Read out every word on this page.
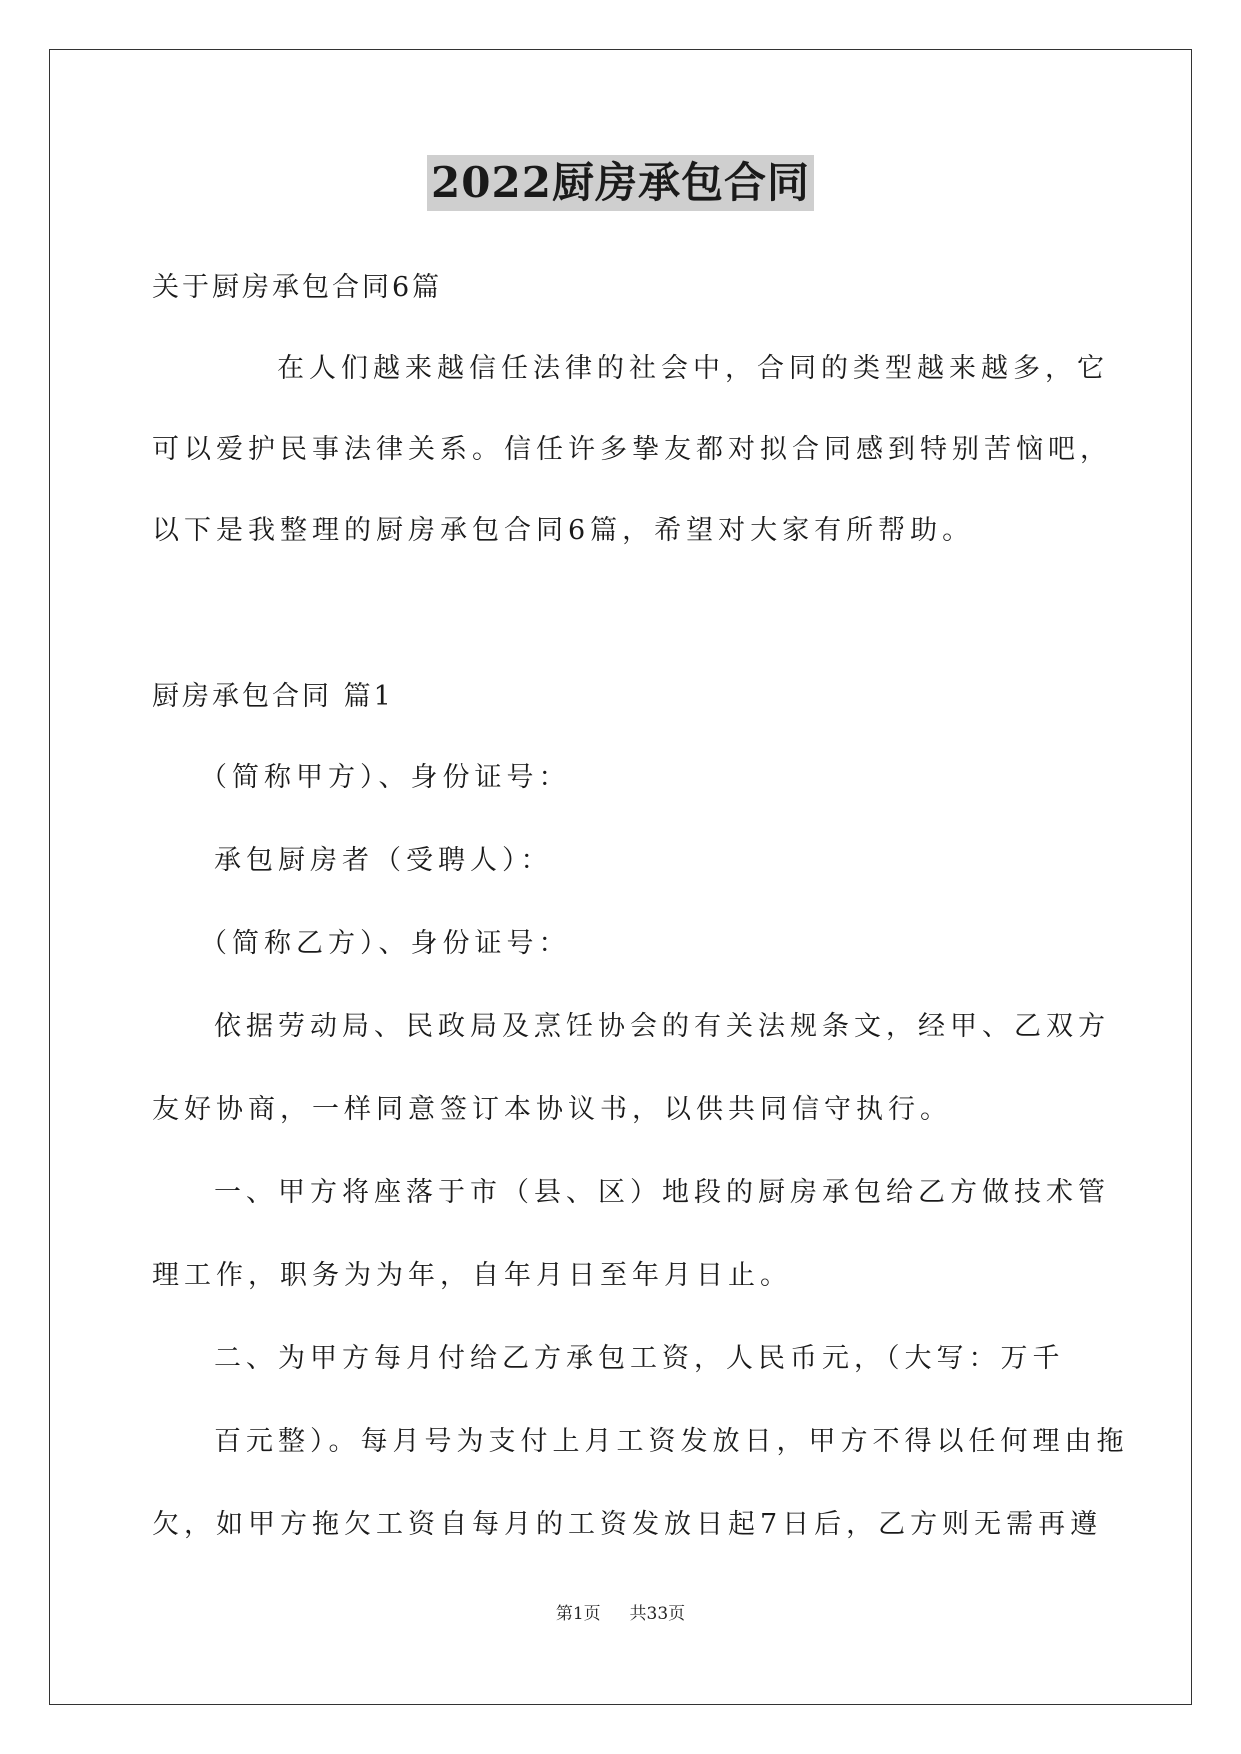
2022厨房承包合同
关于厨房承包合同6篇
在人们越来越信任法律的社会中，合同的类型越来越多，它
可以爱护民事法律关系。信任许多挚友都对拟合同感到特别苦恼吧，
以下是我整理的厨房承包合同6篇，希望对大家有所帮助。
厨房承包合同 篇1
（简称甲方）、身份证号：
承包厨房者（受聘人）：
（简称乙方）、身份证号：
依据劳动局、民政局及烹饪协会的有关法规条文，经甲、乙双方
友好协商，一样同意签订本协议书，以供共同信守执行。
一、甲方将座落于市（县、区）地段的厨房承包给乙方做技术管
理工作，职务为为年，自年月日至年月日止。
二、为甲方每月付给乙方承包工资，人民币元，（大写：万千
百元整）。每月号为支付上月工资发放日，甲方不得以任何理由拖
欠，如甲方拖欠工资自每月的工资发放日起7日后，乙方则无需再遵
第1页 共33页
